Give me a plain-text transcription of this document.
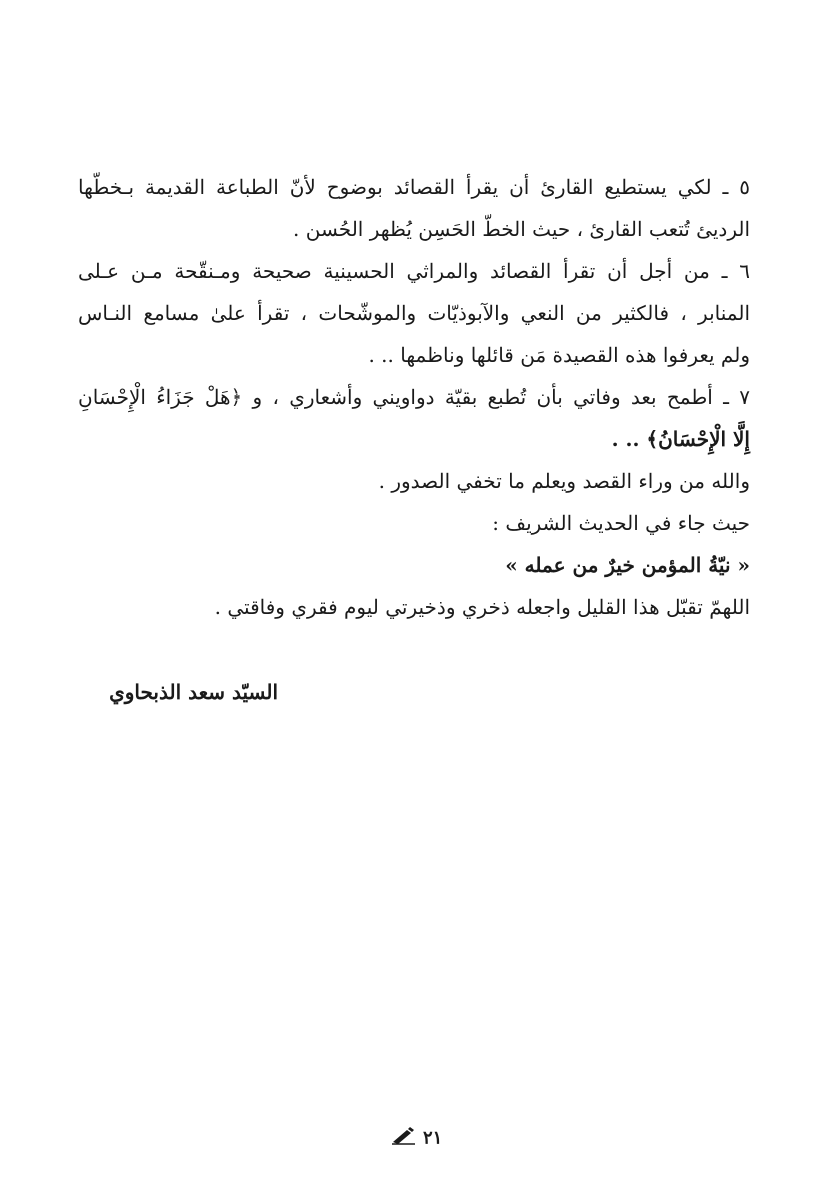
٥ ـ لكي يستطيع القارئ أن يقرأ القصائد بوضوح لأنّ الطباعة القديمة بـخطّها
الرديئ تُتعب القارئ ، حيث الخطّ الحَسِن يُظهر الحُسن .
٦ ـ من أجل أن تقرأ القصائد والمراثي الحسينية صحيحة ومـنقّحة مـن عـلى
المنابر ، فالكثير من النعي والآبوذيّات والموشّحات ، تقرأ علىٰ مسامع النـاس
ولم يعرفوا هذه القصيدة مَن قائلها وناظمها .. .
٧ ـ أطمح بعد وفاتي بأن تُطبع بقيّة دواويني وأشعاري ، و ﴿هَلْ جَزَاءُ الْإِحْسَانِ
إِلَّا الْإِحْسَانُ﴾ .. .
والله من وراء القصد ويعلم ما تخفي الصدور .
حيث جاء في الحديث الشريف :
« نيّةُ المؤمن خيرٌ من عمله »
اللهمّ تقبّل هذا القليل واجعله ذخري وذخيرتي ليوم فقري وفاقتي .
السيّد سعد الذبحاوي
٢١
